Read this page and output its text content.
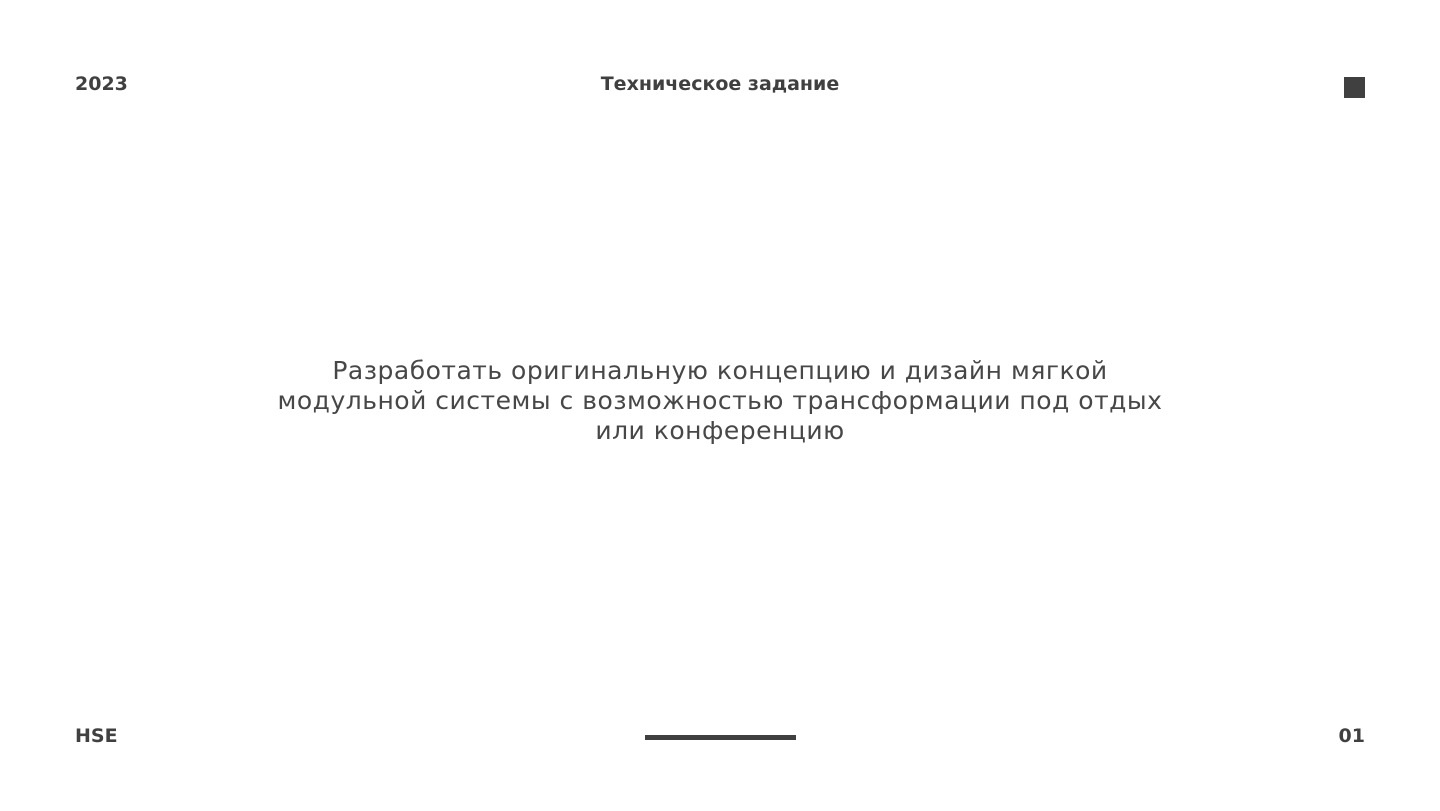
2023	Техническое задание
Разработать оригинальную концепцию и дизайн мягкой модульной системы с возможностью трансформации под отдых или конференцию
HSE	01
